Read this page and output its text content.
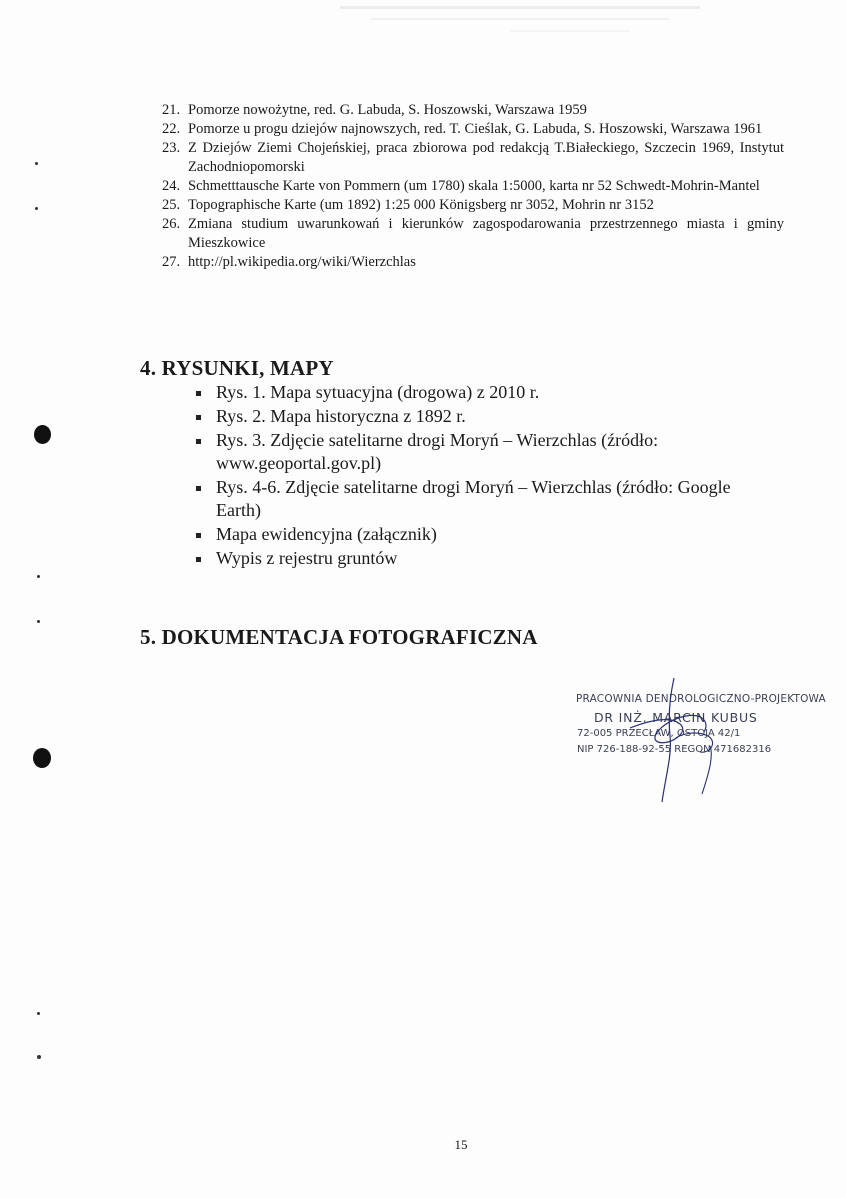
21. Pomorze nowożytne, red. G. Labuda, S. Hoszowski, Warszawa 1959
22. Pomorze u progu dziejów najnowszych, red. T. Cieślak, G. Labuda, S. Hoszowski, Warszawa 1961
23. Z Dziejów Ziemi Chojeńskiej, praca zbiorowa pod redakcją T.Białeckiego, Szczecin 1969, Instytut Zachodniopomorski
24. Schmetttausche Karte von Pommern (um 1780) skala 1:5000, karta nr 52 Schwedt-Mohrin-Mantel
25. Topographische Karte (um 1892) 1:25 000 Königsberg nr 3052, Mohrin nr 3152
26. Zmiana studium uwarunkowań i kierunków zagospodarowania przestrzennego miasta i gminy Mieszkowice
27. http://pl.wikipedia.org/wiki/Wierzchlas
4. RYSUNKI, MAPY
Rys. 1. Mapa sytuacyjna (drogowa) z 2010 r.
Rys. 2. Mapa historyczna z 1892 r.
Rys. 3. Zdjęcie satelitarne drogi Moryń – Wierzchlas (źródło: www.geoportal.gov.pl)
Rys. 4-6. Zdjęcie satelitarne drogi Moryń – Wierzchlas (źródło: Google Earth)
Mapa ewidencyjna (załącznik)
Wypis z rejestru gruntów
5. DOKUMENTACJA FOTOGRAFICZNA
PRACOWNIA DENDROLOGICZNO-PROJEKTOWA
DR INŻ. MARCIN KUBUS
72-005 PRZECŁAW, OSTOJA 42/1
NIP 726-188-92-55 REGON 471682316
15
